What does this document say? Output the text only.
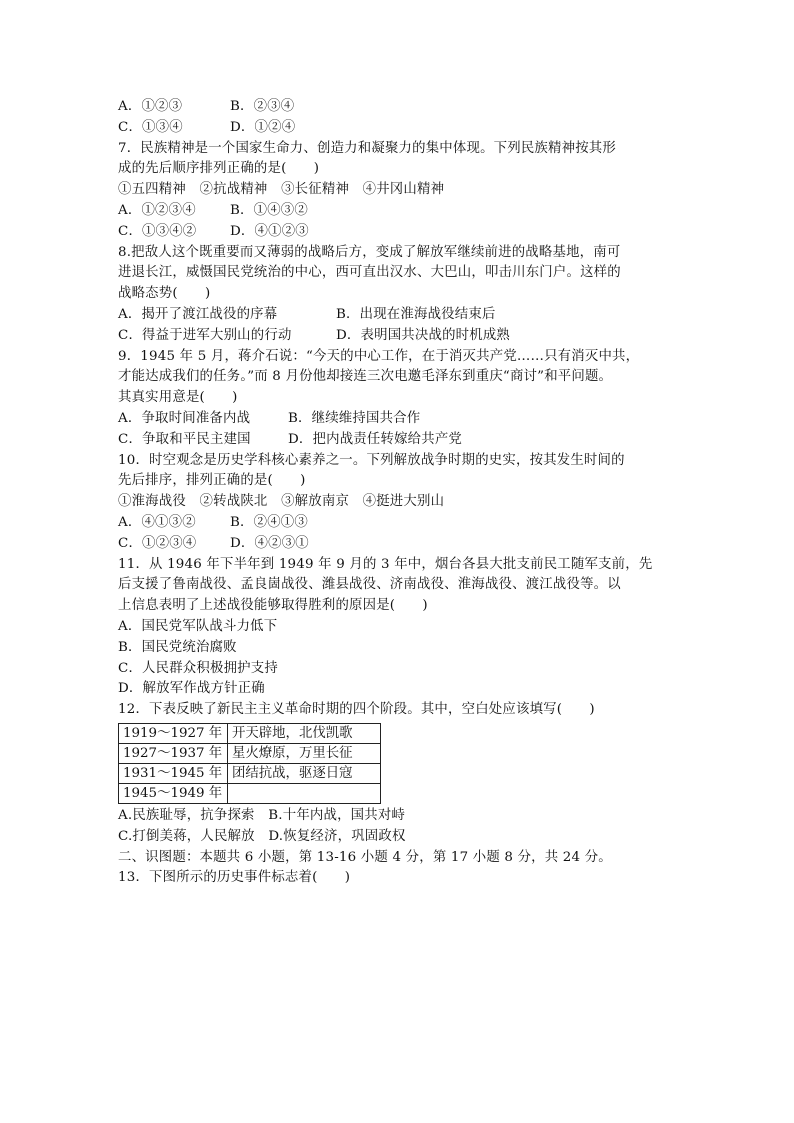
A．①②③	B．②③④
C．①③④	D．①②④
7．民族精神是一个国家生命力、创造力和凝聚力的集中体现。下列民族精神按其形
成的先后顺序排列正确的是(　　)
①五四精神　②抗战精神　③长征精神　④井冈山精神
A．①②③④	B．①④③②
C．①③④②	D．④①②③
8.把敌人这个既重要而又薄弱的战略后方，变成了解放军继续前进的战略基地，南可
进退长江，威慑国民党统治的中心，西可直出汉水、大巴山，叩击川东门户。这样的
战略态势(　　)
A．揭开了渡江战役的序幕	B．出现在淮海战役结束后
C．得益于进军大别山的行动	D．表明国共决战的时机成熟
9．1945 年 5 月，蒋介石说：“今天的中心工作，在于消灭共产党……只有消灭中共，
才能达成我们的任务。”而 8 月份他却接连三次电邀毛泽东到重庆“商讨”和平问题。
其真实用意是(　　)
A．争取时间准备内战	B．继续维持国共合作
C．争取和平民主建国	D．把内战责任转嫁给共产党
10．时空观念是历史学科核心素养之一。下列解放战争时期的史实，按其发生时间的
先后排序，排列正确的是(　　)
①淮海战役　②转战陕北　③解放南京　④挺进大别山
A．④①③②	B．②④①③
C．①②③④	D．④②③①
11．从 1946 年下半年到 1949 年 9 月的 3 年中，烟台各县大批支前民工随军支前，先
后支援了鲁南战役、孟良崮战役、潍县战役、济南战役、淮海战役、渡江战役等。以
上信息表明了上述战役能够取得胜利的原因是(　　)
A．国民党军队战斗力低下
B．国民党统治腐败
C．人民群众积极拥护支持
D．解放军作战方针正确
12．下表反映了新民主主义革命时期的四个阶段。其中，空白处应该填写(　　)
1919～1927 年	开天辟地，北伐凯歌
1927～1937 年	星火燎原，万里长征
1931～1945 年	团结抗战，驱逐日寇
1945～1949 年	
A.民族耻辱，抗争探索　B.十年内战，国共对峙
C.打倒美蒋，人民解放　D.恢复经济，巩固政权
二、识图题：本题共 6 小题，第 13-16 小题 4 分，第 17 小题 8 分，共 24 分。
13．下图所示的历史事件标志着(　　)
